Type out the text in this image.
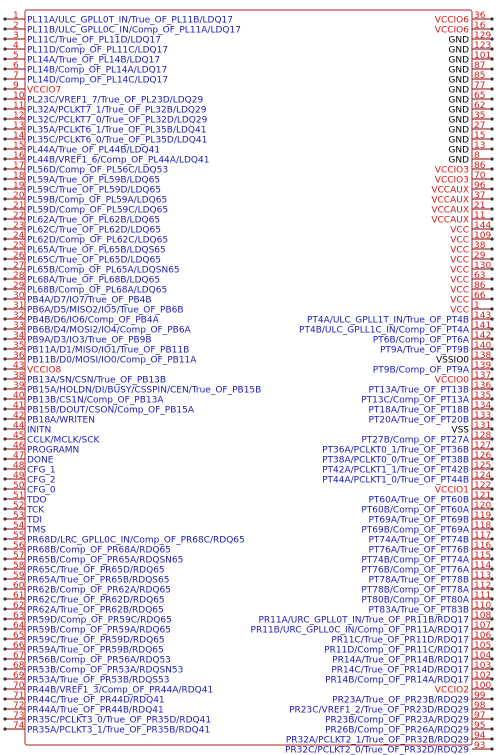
1 PL11A/ULC_GPLL0T_IN/True_OF_PL11B/LDQ17
2 PL11B/ULC_GPLL0C_IN/Comp_OF_PL11A/LDQ17
3 PL11C/True_OF_PL11D/LDQ17
4 PL11D/Comp_OF_PL11C/LDQ17
5 PL14A/True_OF_PL14B/LDQ17
6 PL14B/Comp_OF_PL14A/LDQ17
7 PL14D/Comp_OF_PL14C/LDQ17
9 VCCIO7
10 PL23C/VREF1_7/True_OF_PL23D/LDQ29
11 PL32A/PCLKT7_1/True_OF_PL32B/LDQ29
12 PL32C/PCLKT7_0/True_OF_PL32D/LDQ29
13 PL35A/PCLKT6_1/True_OF_PL35B/LDQ41
14 PL35C/PCLKT6_0/True_OF_PL35D/LDQ41
15 PL44A/True_OF_PL44B/LDQ41
16 PL44B/VREF1_6/Comp_OF_PL44A/LDQ41
17 PL56D/Comp_OF_PL56C/LDQ53
18 PL59A/True_OF_PL59B/LDQ65
19 PL59C/True_OF_PL59D/LDQ65
20 PL59B/Comp_OF_PL59A/LDQ65
21 PL59D/Comp_OF_PL59C/LDQ65
22 PL62A/True_OF_PL62B/LDQ65
23 PL62C/True_OF_PL62D/LDQ65
24 PL62D/Comp_OF_PL62C/LDQ65
25 PL65A/True_OF_PL65B/LDQS65
26 PL65C/True_OF_PL65D/LDQ65
27 PL65B/Comp_OF_PL65A/LDQSN65
28 PL68A/True_OF_PL68B/LDQ65
29 PL68B/Comp_OF_PL68A/LDQ65
30 PB4A/D7/IO7/True_OF_PB4B
31 PB6A/D5/MISO2/IO5/True_OF_PB6B
32 PB4B/D6/IO6/Comp_OF_PB4A
33 PB6B/D4/MOSI2/IO4/Comp_OF_PB6A
34 PB9A/D3/IO3/True_OF_PB9B
35 PB11A/D1/MISO/IO1/True_OF_PB11B
36 PB11B/D0/MOSI/IO0/Comp_OF_PB11A
43 VCCIO8
38 PB13A/SN/CSN/True_OF_PB13B
39 PB15A/HOLDN/DI/BUSY/CSSPIN/CEN/True_OF_PB15B
40 PB13B/CS1N/Comp_OF_PB13A
41 PB15B/DOUT/CSON/Comp_OF_PB15A
42 PB18A/WRITEN
44 INITN
45 CCLK/MCLK/SCK
46 PROGRAMN
47 DONE
48 CFG_1
49 CFG_2
50 CFG_0
51 TDO
52 TCK
53 TDI
54 TMS
55 PR68D/LRC_GPLL0C_IN/Comp_OF_PR68C/RDQ65
56 PR68B/Comp_OF_PR68A/RDQ65
57 PR65B/Comp_OF_PR65A/RDQSN65
58 PR65C/True_OF_PR65D/RDQ65
59 PR65A/True_OF_PR65B/RDQS65
60 PR62B/Comp_OF_PR62A/RDQ65
61 PR62C/True_OF_PR62D/RDQ65
62 PR62A/True_OF_PR62B/RDQ65
63 PR59D/Comp_OF_PR59C/RDQ65
64 PR59B/Comp_OF_PR59A/RDQ65
65 PR59C/True_OF_PR59D/RDQ65
66 PR59A/True_OF_PR59B/RDQ65
67 PR56B/Comp_OF_PR56A/RDQ53
68 PR53B/Comp_OF_PR53A/RDQSN53
69 PR53A/True_OF_PR53B/RDQS53
70 PR44B/VREF1_3/Comp_OF_PR44A/RDQ41
71 PR44C/True_OF_PR44D/RDQ41
72 PR44A/True_OF_PR44B/RDQ41
73 PR35C/PCLKT3_0/True_OF_PR35D/RDQ41
74 PR35A/PCLKT3_1/True_OF_PR35B/RDQ41
36
VCCIO6
16
VCCIO6
129
GND
123
GND
101
GND
87
GND
85
GND
77
GND
65
GND
62
GND
35
GND
27
GND
15
GND
13
GND
8
GND
86
VCCIO3
70
VCCIO3
96
VCCAUX
37
VCCAUX
21
VCCAUX
11
VCCAUX
144
VCC
109
VCC
38
VCC
29
VCC
130
VCC
63
VCC
86
VCC
66
VCC
1
VCC
143
PT4A/ULC_GPLL1T_IN/True_OF_PT4B
141
PT4B/ULC_GPLL1C_IN/Comp_OF_PT4A
142
PT6B/Comp_OF_PT6A
140
PT9A/True_OF_PT9B
138
VSSIO0
139
PT9B/Comp_OF_PT9A
137
VCCIO0
136
PT13A/True_OF_PT13B
135
PT13C/Comp_OF_PT13A
134
PT18A/True_OF_PT18B
133
PT20A/True_OF_PT20B
131
VSS
128
PT27B/Comp_OF_PT27A
127
PT36A/PCLKT0_1/True_OF_PT36B
126
PT38A/PCLKT0_0/True_OF_PT38B
125
PT42A/PCLKT1_1/True_OF_PT42B
124
PT44A/PCLKT1_0/True_OF_PT44B
122
VCCIO1
121
PT60A/True_OF_PT60B
120
PT60B/Comp_OF_PT60A
119
PT69A/True_OF_PT69B
118
PT69B/Comp_OF_PT69A
117
PT74A/True_OF_PT74B
116
PT76A/True_OF_PT76B
115
PT74B/Comp_OF_PT74A
114
PT76B/Comp_OF_PT76A
113
PT78A/True_OF_PT78B
112
PT78B/Comp_OF_PT78A
111
PT80B/Comp_OF_PT80A
110
PT83A/True_OF_PT83B
108
PR11A/URC_GPLL0T_IN/True_OF_PR11B/RDQ17
107
PR11B/URC_GPLL0C_IN/Comp_OF_PR11A/RDQ17
106
PR11C/True_OF_PR11D/RDQ17
105
PR11D/Comp_OF_PR11C/RDQ17
104
PR14A/True_OF_PR14B/RDQ17
103
PR14C/True_OF_PR14D/RDQ17
102
PR14B/Comp_OF_PR14A/RDQ17
100
VCCIO2
99
PR23A/True_OF_PR23B/RDQ29
98
PR23C/VREF1_2/True_OF_PR23D/RDQ29
97
PR23B/Comp_OF_PR23A/RDQ29
95
PR26B/Comp_OF_PR26A/RDQ29
94
PR32A/PCLKT2_1/True_OF_PR32B/RDQ29
93
PR32C/PCLKT2_0/True_OF_PR32D/RDQ29
